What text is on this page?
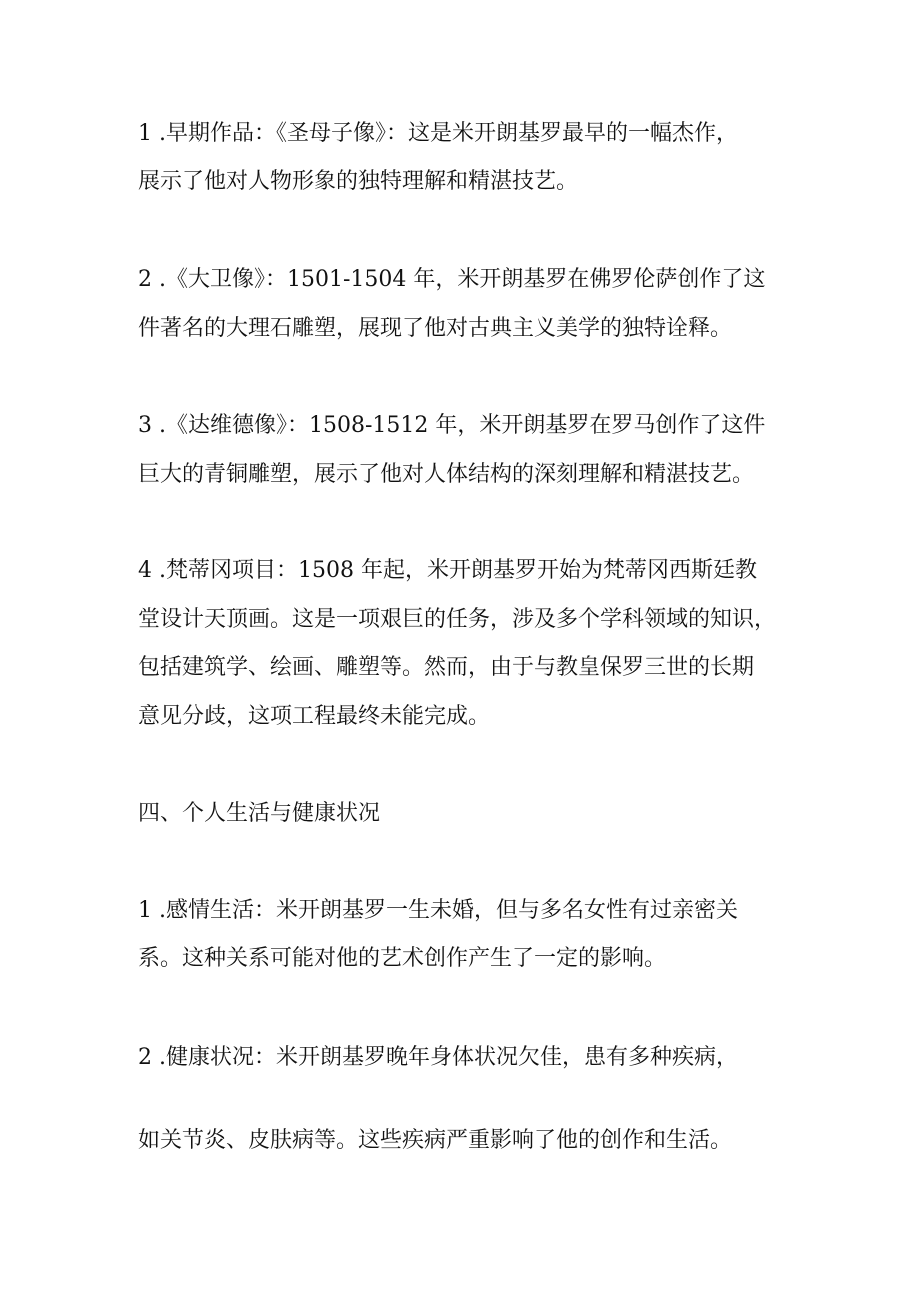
1 .早期作品：《圣母子像》：这是米开朗基罗最早的一幅杰作，

展示了他对人物形象的独特理解和精湛技艺。

2 .《大卫像》：1501-1504 年，米开朗基罗在佛罗伦萨创作了这

件著名的大理石雕塑，展现了他对古典主义美学的独特诠释。

3 .《达维德像》：1508-1512 年，米开朗基罗在罗马创作了这件

巨大的青铜雕塑，展示了他对人体结构的深刻理解和精湛技艺。

4 .梵蒂冈项目：1508 年起，米开朗基罗开始为梵蒂冈西斯廷教

堂设计天顶画。这是一项艰巨的任务，涉及多个学科领域的知识，

包括建筑学、绘画、雕塑等。然而，由于与教皇保罗三世的长期

意见分歧，这项工程最终未能完成。

四、个人生活与健康状况

1 .感情生活：米开朗基罗一生未婚，但与多名女性有过亲密关

系。这种关系可能对他的艺术创作产生了一定的影响。

2 .健康状况：米开朗基罗晚年身体状况欠佳，患有多种疾病，

如关节炎、皮肤病等。这些疾病严重影响了他的创作和生活。
